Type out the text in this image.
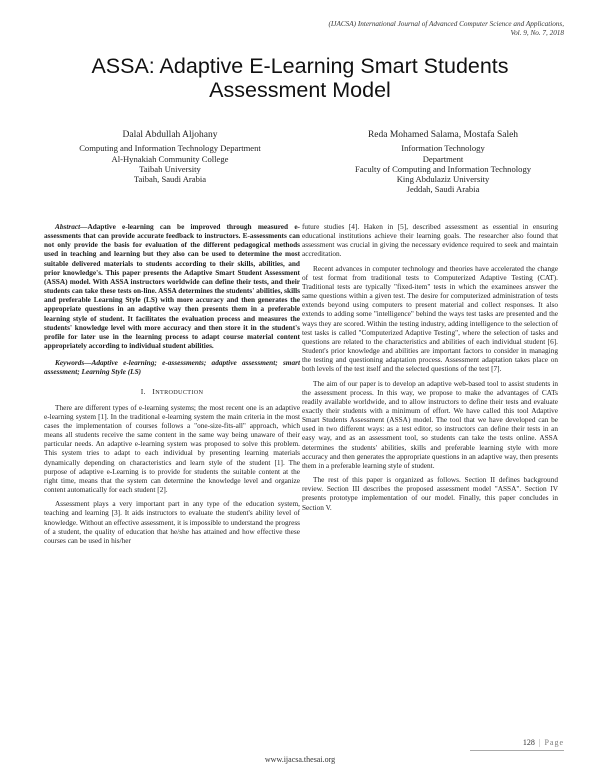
(IJACSA) International Journal of Advanced Computer Science and Applications,
Vol. 9, No. 7, 2018
ASSA: Adaptive E-Learning Smart Students
Assessment Model
Dalal Abdullah Aljohany
Computing and Information Technology Department
Al-Hynakiah Community College
Taibah University
Taibah, Saudi Arabia
Reda Mohamed Salama, Mostafa Saleh
Information Technology
Department
Faculty of Computing and Information Technology
King Abdulaziz University
Jeddah, Saudi Arabia

Abstract—Adaptive e-learning can be improved through measured e-assessments that can provide accurate feedback to instructors. E-assessments can not only provide the basis for evaluation of the different pedagogical methods used in teaching and learning but they also can be used to determine the most suitable delivered materials to students according to their skills, abilities, and prior knowledge's. This paper presents the Adaptive Smart Student Assessment (ASSA) model. With ASSA instructors worldwide can define their tests, and their students can take these tests on-line. ASSA determines the students' abilities, skills and preferable Learning Style (LS) with more accuracy and then generates the appropriate questions in an adaptive way then presents them in a preferable learning style of student. It facilitates the evaluation process and measures the students' knowledge level with more accuracy and then store it in the student's profile for later use in the learning process to adapt course material content appropriately according to individual student abilities.

Keywords—Adaptive e-learning; e-assessments; adaptive assessment; smart assessment; Learning Style (LS)

I. INTRODUCTION

There are different types of e-learning systems; the most recent one is an adaptive e-learning system [1]. In the traditional e-learning system the main criteria in the most cases the implementation of courses follows a "one-size-fits-all" approach, which means all students receive the same content in the same way being unaware of their particular needs. An adaptive e-learning system was proposed to solve this problem. This system tries to adapt to each individual by presenting learning materials dynamically depending on characteristics and learn style of the student [1]. The purpose of adaptive e-Learning is to provide for students the suitable content at the right time, means that the system can determine the knowledge level and organize content automatically for each student [2].

Assessment plays a very important part in any type of the education system, teaching and learning [3]. It aids instructors to evaluate the student's ability level of knowledge. Without an effective assessment, it is impossible to understand the progress of a student, the quality of education that he/she has attained and how effective these courses can be used in his/her

future studies [4]. Haken in [5], described assessment as essential in ensuring educational institutions achieve their learning goals. The researcher also found that assessment was crucial in giving the necessary evidence required to seek and maintain accreditation.

Recent advances in computer technology and theories have accelerated the change of test format from traditional tests to Computerized Adaptive Testing (CAT). Traditional tests are typically "fixed-item" tests in which the examinees answer the same questions within a given test. The desire for computerized administration of tests extends beyond using computers to present material and collect responses. It also extends to adding some "intelligence" behind the ways test tasks are presented and the ways they are scored. Within the testing industry, adding intelligence to the selection of test tasks is called "Computerized Adaptive Testing", where the selection of tasks and questions are related to the characteristics and abilities of each individual student [6]. Student's prior knowledge and abilities are important factors to consider in managing the testing and questioning adaptation process. Assessment adaptation takes place on both levels of the test itself and the selected questions of the test [7].

The aim of our paper is to develop an adaptive web-based tool to assist students in the assessment process. In this way, we propose to make the advantages of CATs readily available worldwide, and to allow instructors to define their tests and evaluate exactly their students with a minimum of effort. We have called this tool Adaptive Smart Students Assessment (ASSA) model. The tool that we have developed can be used in two different ways: as a test editor, so instructors can define their tests in an easy way, and as an assessment tool, so students can take the tests online. ASSA determines the students' abilities, skills and preferable learning style with more accuracy and then generates the appropriate questions in an adaptive way, then presents them in a preferable learning style of student.

The rest of this paper is organized as follows. Section II defines background review. Section III describes the proposed assessment model "ASSA". Section IV presents prototype implementation of our model. Finally, this paper concludes in Section V.

128 | Page
www.ijacsa.thesai.org
